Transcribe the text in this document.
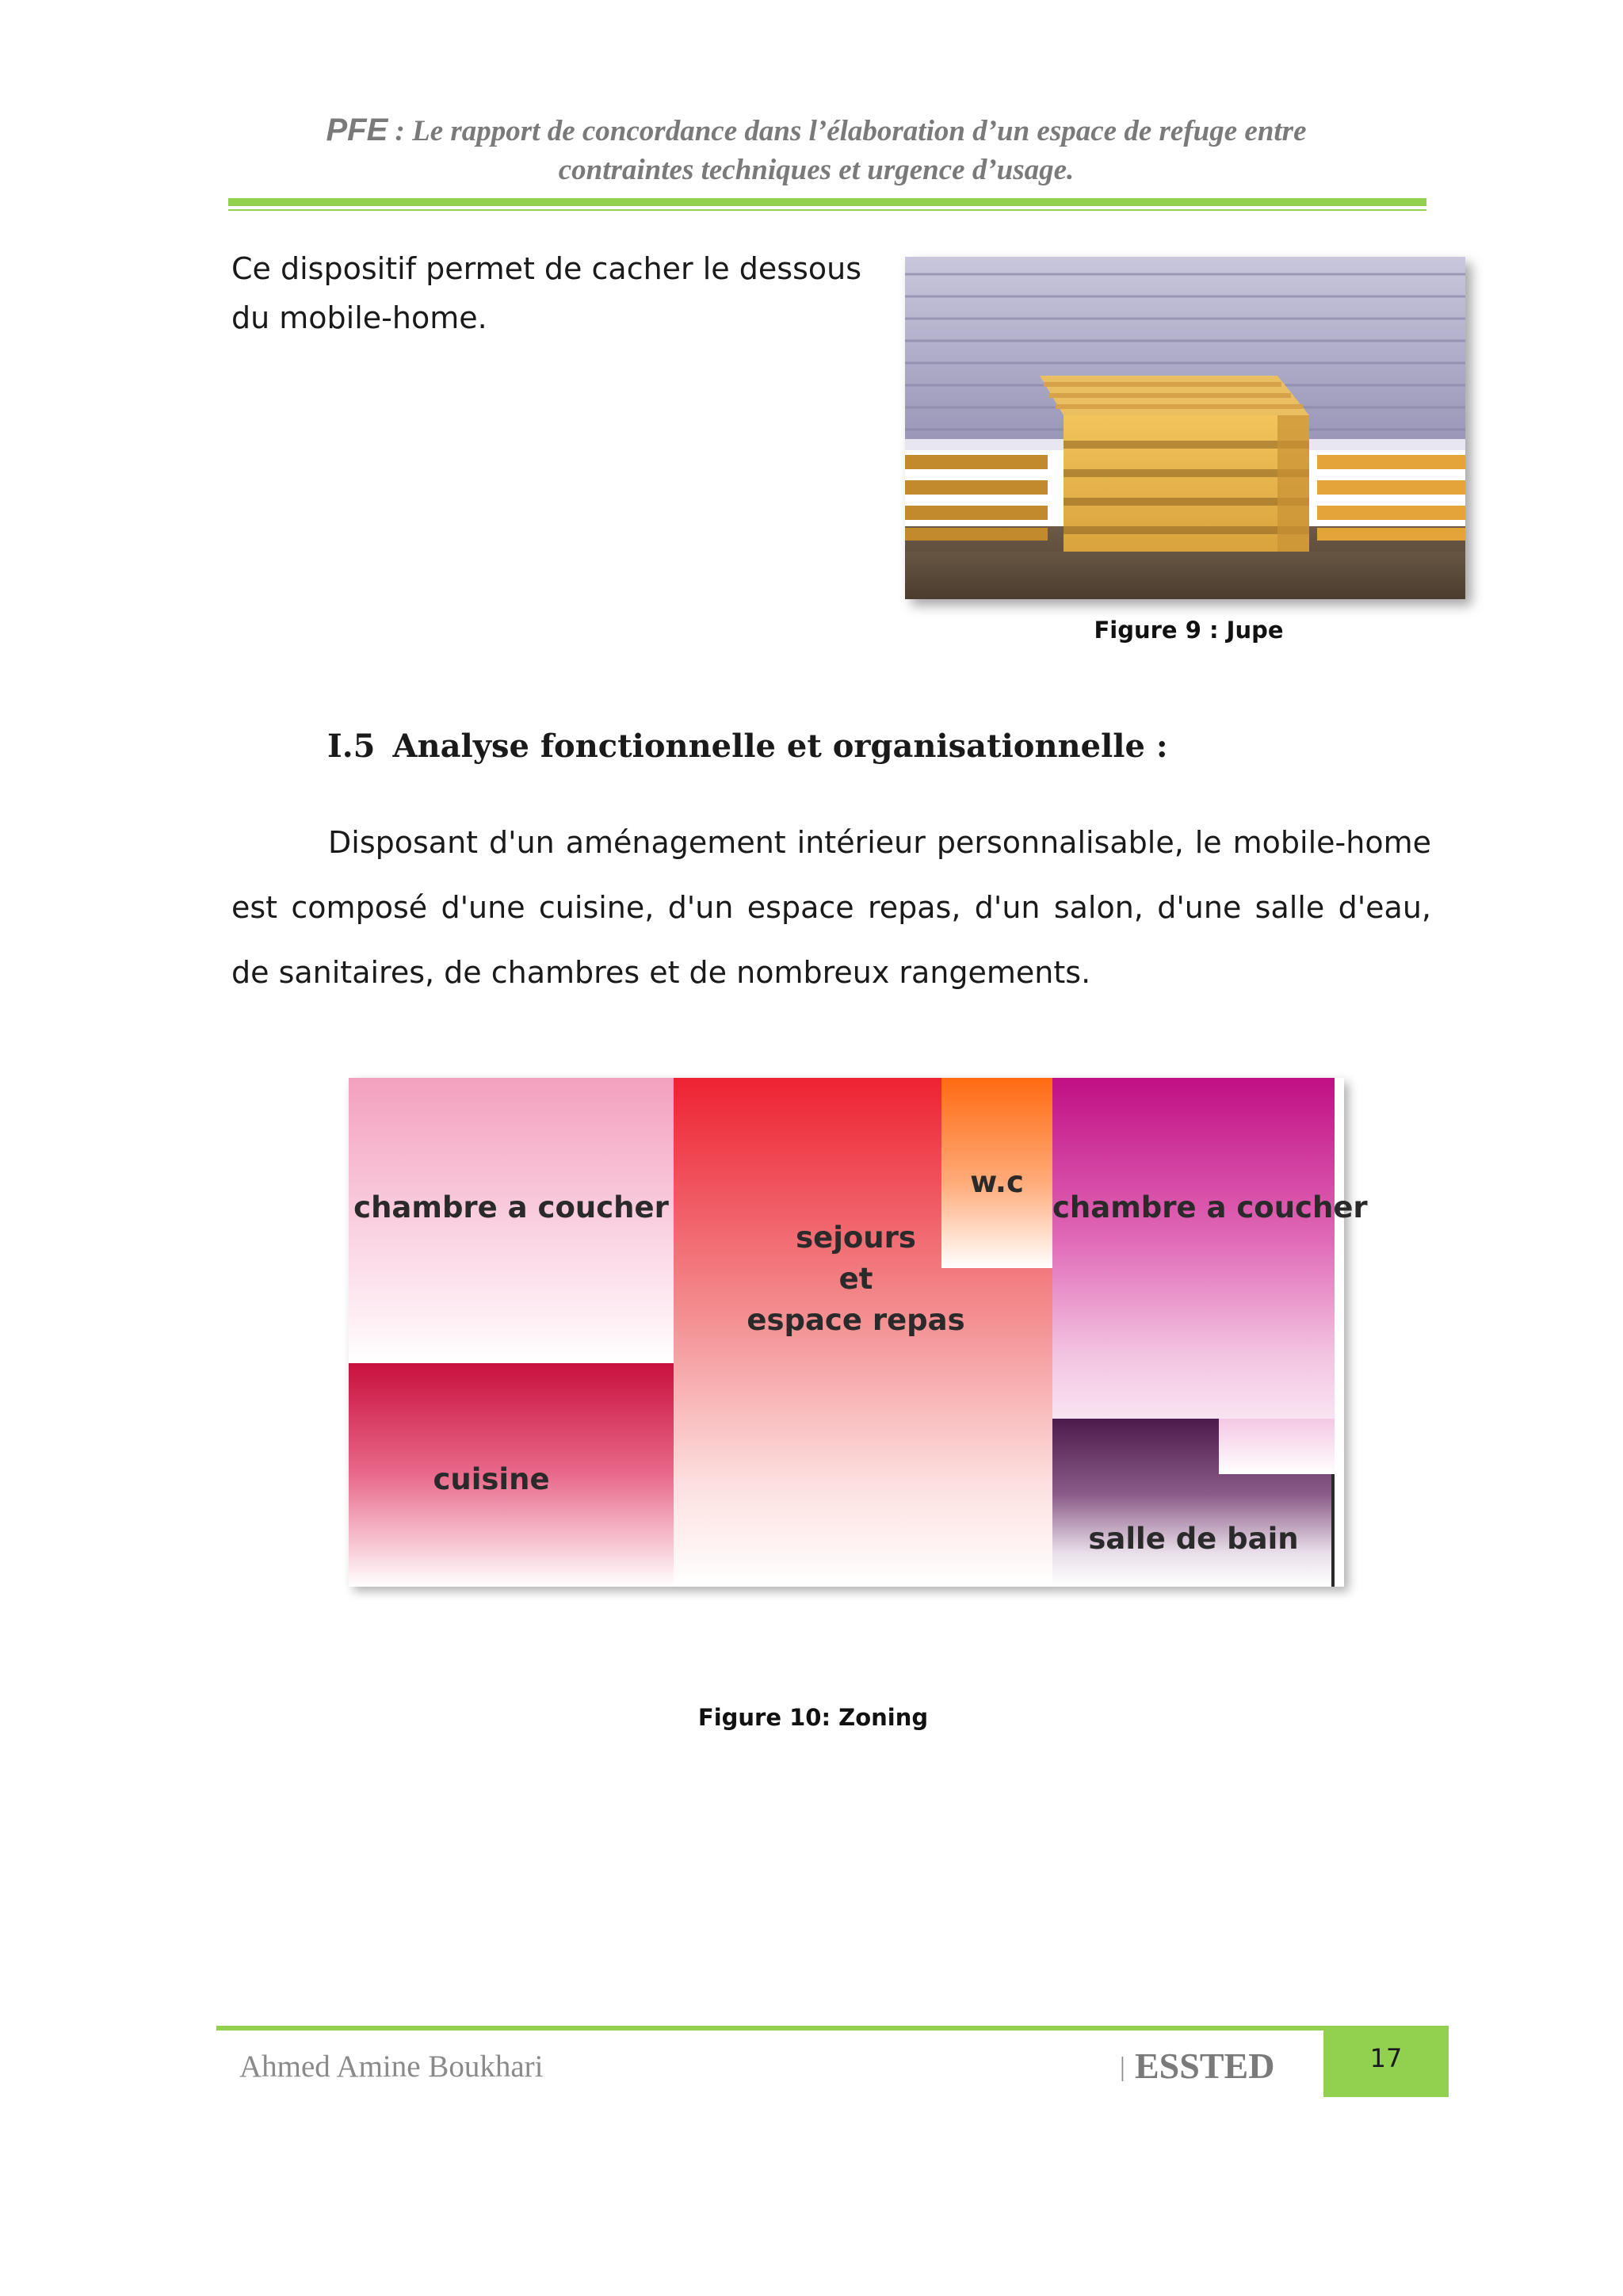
PFE : Le rapport de concordance dans l’élaboration d’un espace de refuge entre
contraintes techniques et urgence d’usage.
Ce dispositif permet de cacher le dessous du mobile-home.
Figure 9 : Jupe
I.5 Analyse fonctionnelle et organisationnelle :
Disposant d'un aménagement intérieur personnalisable, le mobile-home est composé d'une cuisine, d'un espace repas, d'un salon, d'une salle d'eau, de sanitaires, de chambres et de nombreux rangements.
chambre a coucher
cuisine
sejours
et
espace repas
w.c
chambre a coucher
salle de bain
Figure 10: Zoning
Ahmed Amine Boukhari	| ESSTED	17
